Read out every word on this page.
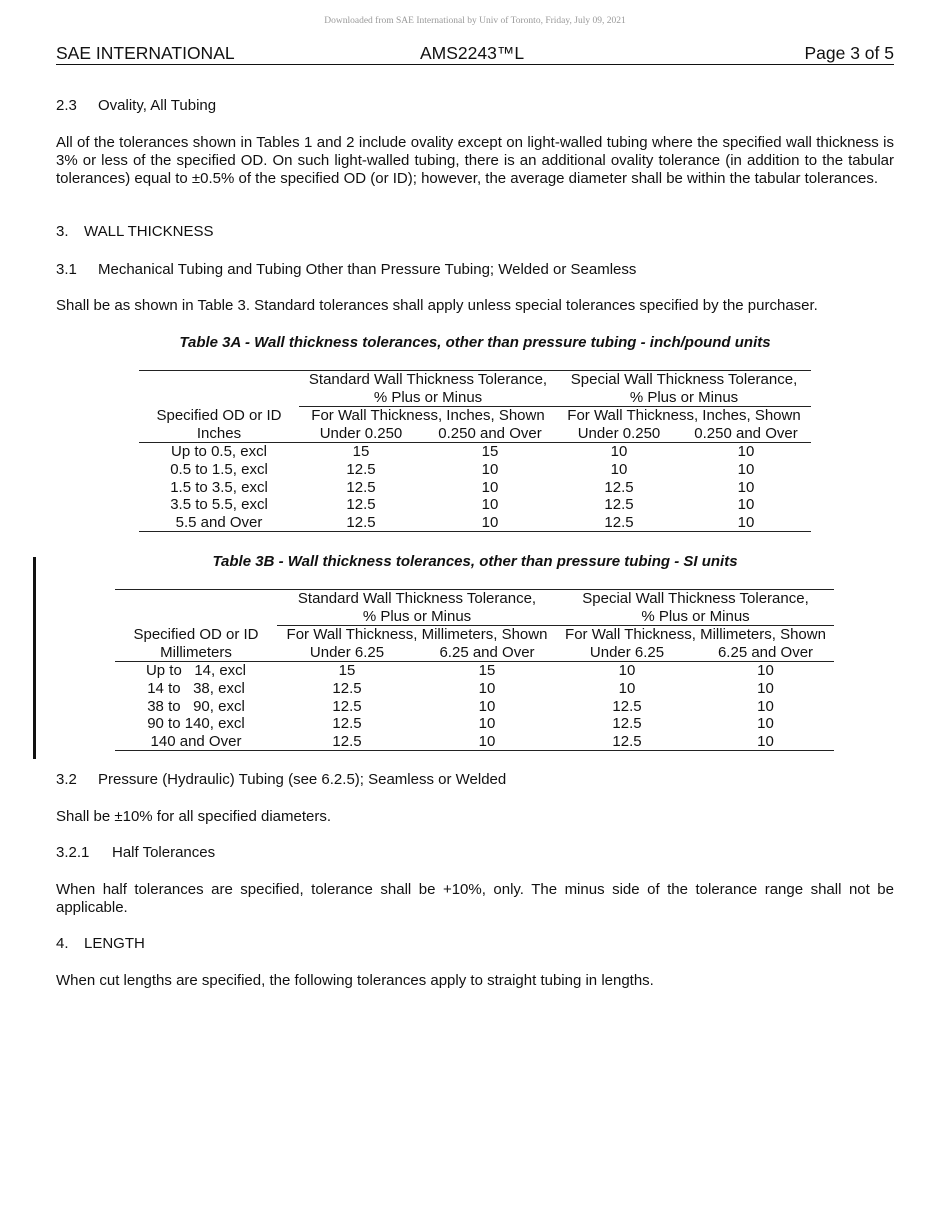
Downloaded from SAE International by Univ of Toronto, Friday, July 09, 2021
SAE INTERNATIONAL	AMS2243™L	Page 3 of 5
2.3 Ovality, All Tubing
All of the tolerances shown in Tables 1 and 2 include ovality except on light-walled tubing where the specified wall thickness is 3% or less of the specified OD. On such light-walled tubing, there is an additional ovality tolerance (in addition to the tabular tolerances) equal to ±0.5% of the specified OD (or ID); however, the average diameter shall be within the tabular tolerances.
3. WALL THICKNESS
3.1 Mechanical Tubing and Tubing Other than Pressure Tubing; Welded or Seamless
Shall be as shown in Table 3. Standard tolerances shall apply unless special tolerances specified by the purchaser.
Table 3A - Wall thickness tolerances, other than pressure tubing - inch/pound units
	Standard Wall Thickness Tolerance,		Special Wall Thickness Tolerance,	
	% Plus or Minus		% Plus or Minus	
Specified OD or ID	For Wall Thickness, Inches, Shown		For Wall Thickness, Inches, Shown	
Inches	Under 0.250	0.250 and Over	Under 0.250	0.250 and Over
Up to 0.5, excl	15	15	10	10
0.5 to 1.5, excl	12.5	10	10	10
1.5 to 3.5, excl	12.5	10	12.5	10
3.5 to 5.5, excl	12.5	10	12.5	10
5.5 and Over	12.5	10	12.5	10
Table 3B - Wall thickness tolerances, other than pressure tubing - SI units
	Standard Wall Thickness Tolerance,		Special Wall Thickness Tolerance,	
	% Plus or Minus		% Plus or Minus	
Specified OD or ID	For Wall Thickness, Millimeters, Shown		For Wall Thickness, Millimeters, Shown	
Millimeters	Under 6.25	6.25 and Over	Under 6.25	6.25 and Over
Up to   14, excl	15	15	10	10
14 to   38, excl	12.5	10	10	10
38 to   90, excl	12.5	10	12.5	10
90 to 140, excl	12.5	10	12.5	10
140 and Over	12.5	10	12.5	10
3.2 Pressure (Hydraulic) Tubing (see 6.2.5); Seamless or Welded
Shall be ±10% for all specified diameters.
3.2.1 Half Tolerances
When half tolerances are specified, tolerance shall be +10%, only. The minus side of the tolerance range shall not be applicable.
4. LENGTH
When cut lengths are specified, the following tolerances apply to straight tubing in lengths.
